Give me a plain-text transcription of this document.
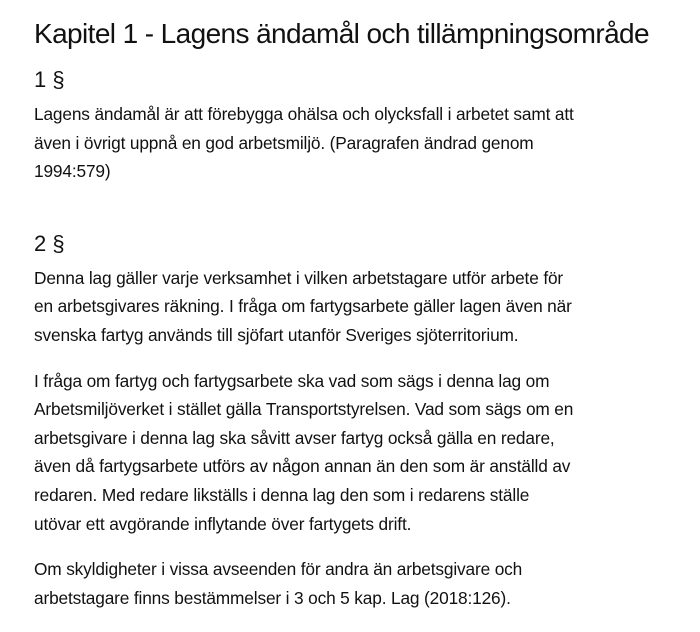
Kapitel 1 - Lagens ändamål och tillämpningsområde
1 §

Lagens ändamål är att förebygga ohälsa och olycksfall i arbetet samt att
även i övrigt uppnå en god arbetsmiljö. (Paragrafen ändrad genom
1994:579)

2 §

Denna lag gäller varje verksamhet i vilken arbetstagare utför arbete för
en arbetsgivares räkning. I fråga om fartygsarbete gäller lagen även när
svenska fartyg används till sjöfart utanför Sveriges sjöterritorium.

I fråga om fartyg och fartygsarbete ska vad som sägs i denna lag om
Arbetsmiljöverket i stället gälla Transportstyrelsen. Vad som sägs om en
arbetsgivare i denna lag ska såvitt avser fartyg också gälla en redare,
även då fartygsarbete utförs av någon annan än den som är anställd av
redaren. Med redare likställs i denna lag den som i redarens ställe
utövar ett avgörande inflytande över fartygets drift.

Om skyldigheter i vissa avseenden för andra än arbetsgivare och
arbetstagare finns bestämmelser i 3 och 5 kap. Lag (2018:126).
